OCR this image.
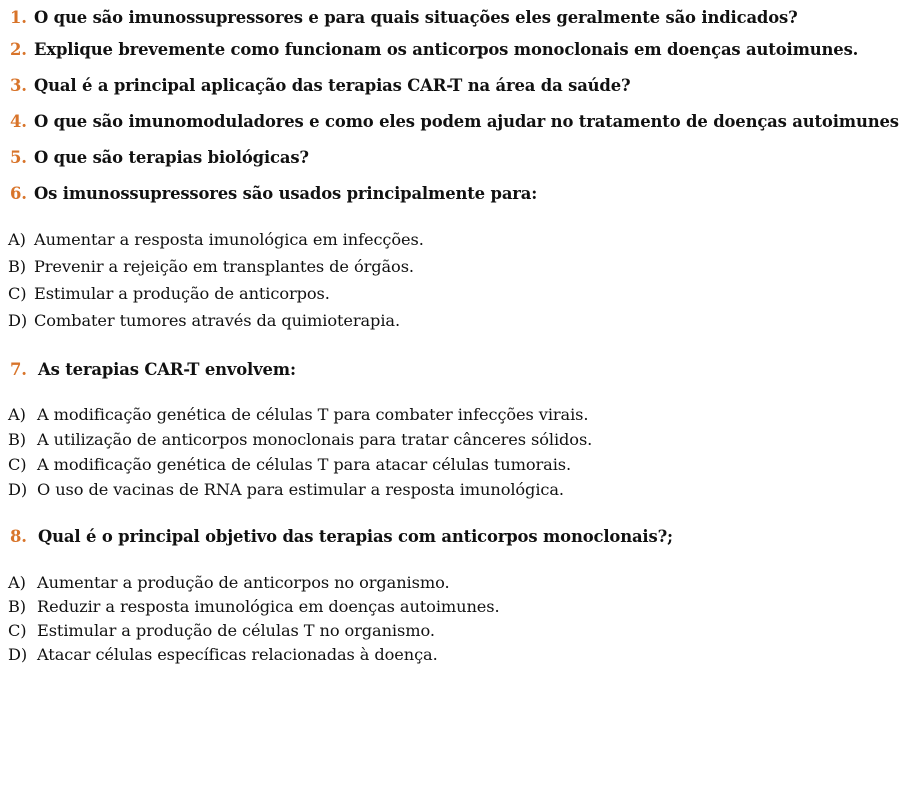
1. O que são imunossupressores e para quais situações eles geralmente são indicados?
2. Explique brevemente como funcionam os anticorpos monoclonais em doenças autoimunes.
3. Qual é a principal aplicação das terapias CAR-T na área da saúde?
4. O que são imunomoduladores e como eles podem ajudar no tratamento de doenças autoimunes
5. O que são terapias biológicas?
6. Os imunossupressores são usados principalmente para:
A) Aumentar a resposta imunológica em infecções.
B) Prevenir a rejeição em transplantes de órgãos.
C) Estimular a produção de anticorpos.
D) Combater tumores através da quimioterapia.
7. As terapias CAR-T envolvem:
A) A modificação genética de células T para combater infecções virais.
B) A utilização de anticorpos monoclonais para tratar cânceres sólidos.
C) A modificação genética de células T para atacar células tumorais.
D) O uso de vacinas de RNA para estimular a resposta imunológica.
8. Qual é o principal objetivo das terapias com anticorpos monoclonais?;
A) Aumentar a produção de anticorpos no organismo.
B) Reduzir a resposta imunológica em doenças autoimunes.
C) Estimular a produção de células T no organismo.
D) Atacar células específicas relacionadas à doença.
